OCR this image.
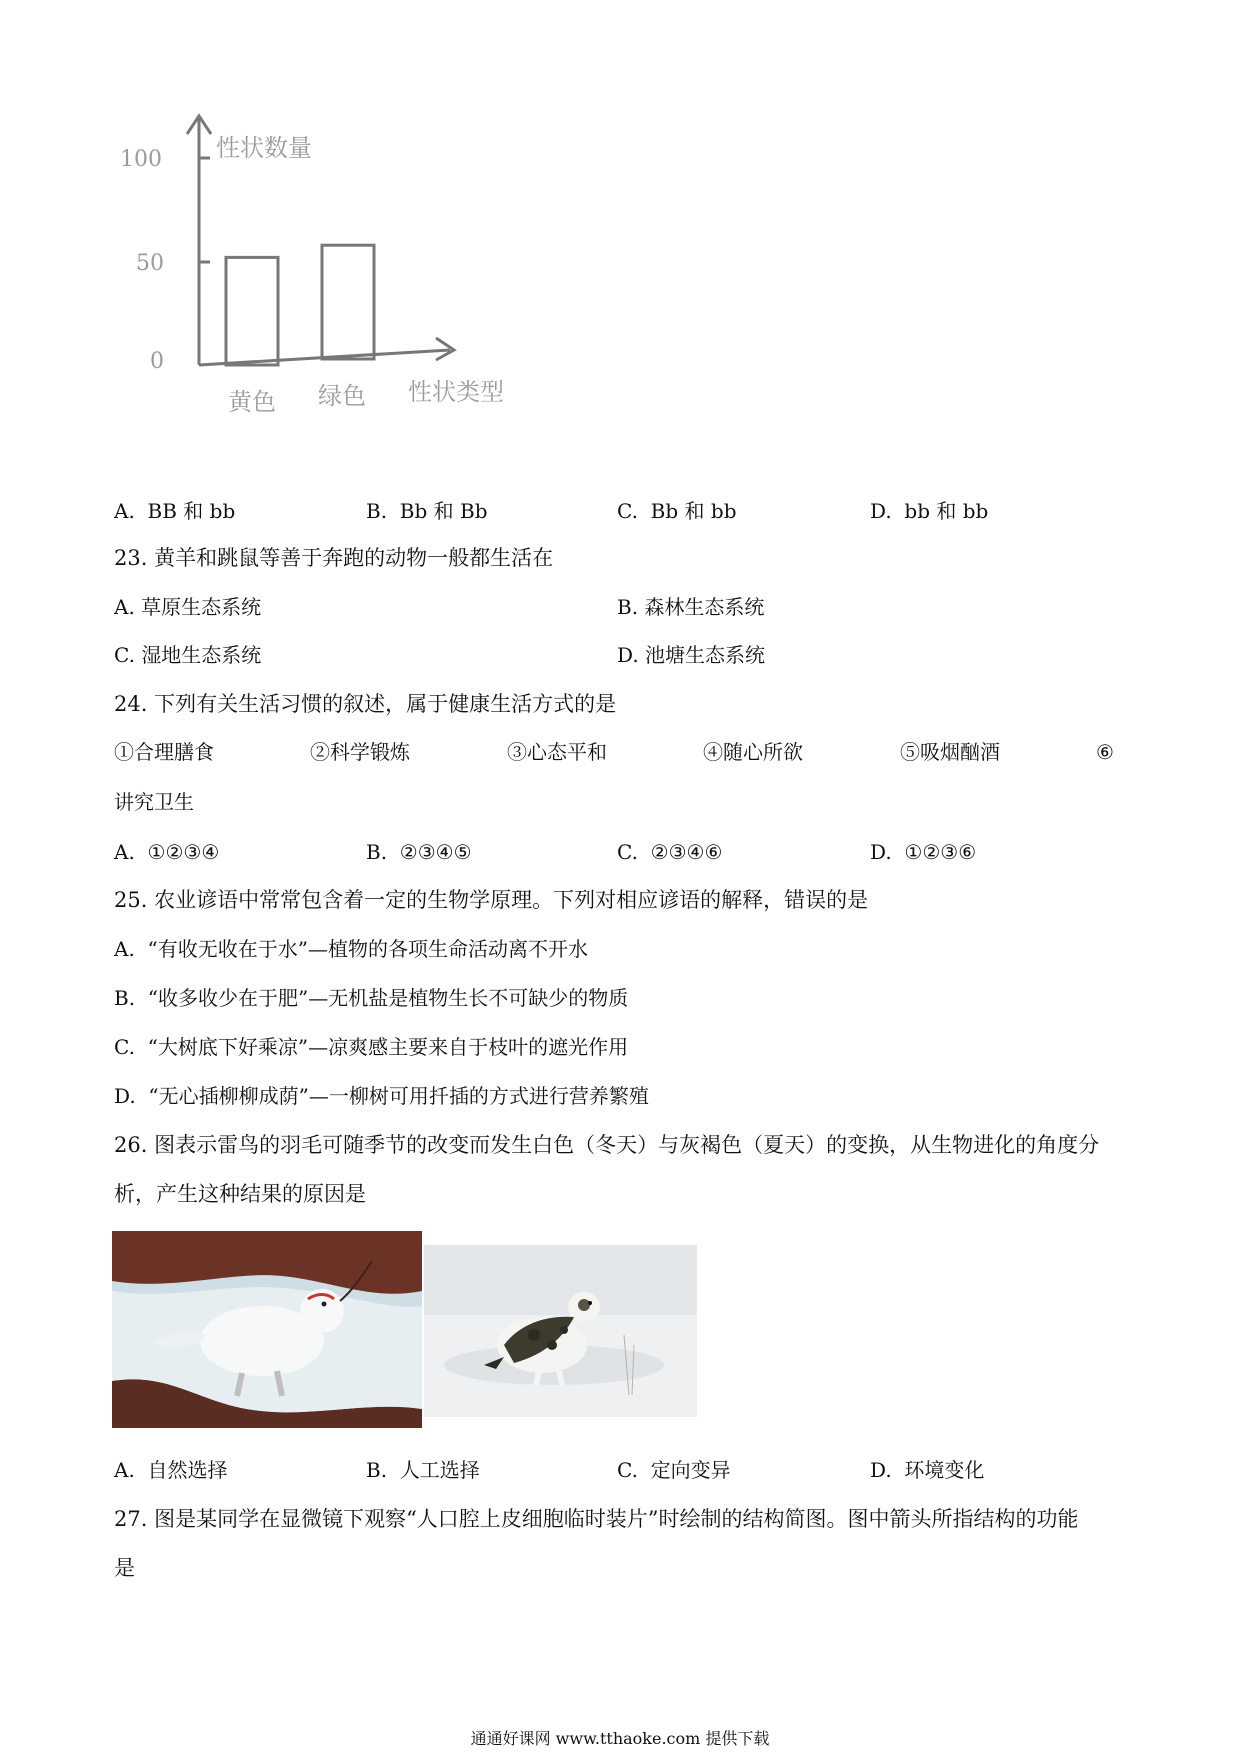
100
50
0
性状数量
性状类型
黄色 绿色
A. BB 和 bb	B. Bb 和 Bb	C. Bb 和 bb	D. bb 和 bb
23. 黄羊和跳鼠等善于奔跑的动物一般都生活在
A. 草原生态系统	B. 森林生态系统
C. 湿地生态系统	D. 池塘生态系统
24. 下列有关生活习惯的叙述，属于健康生活方式的是
①合理膳食	②科学锻炼	③心态平和	④随心所欲	⑤吸烟酗酒	⑥
讲究卫生
A. ①②③④	B. ②③④⑤	C. ②③④⑥	D. ①②③⑥
25. 农业谚语中常常包含着一定的生物学原理。下列对相应谚语的解释，错误的是
A. “有收无收在于水”—植物的各项生命活动离不开水
B. “收多收少在于肥”—无机盐是植物生长不可缺少的物质
C. “大树底下好乘凉”—凉爽感主要来自于枝叶的遮光作用
D. “无心插柳柳成荫”—一柳树可用扦插的方式进行营养繁殖
26. 图表示雷鸟的羽毛可随季节的改变而发生白色（冬天）与灰褐色（夏天）的变换，从生物进化的角度分
析，产生这种结果的原因是
A. 自然选择	B. 人工选择	C. 定向变异	D. 环境变化
27. 图是某同学在显微镜下观察“人口腔上皮细胞临时装片”时绘制的结构简图。图中箭头所指结构的功能
是
通通好课网 www.tthaoke.com 提供下载
